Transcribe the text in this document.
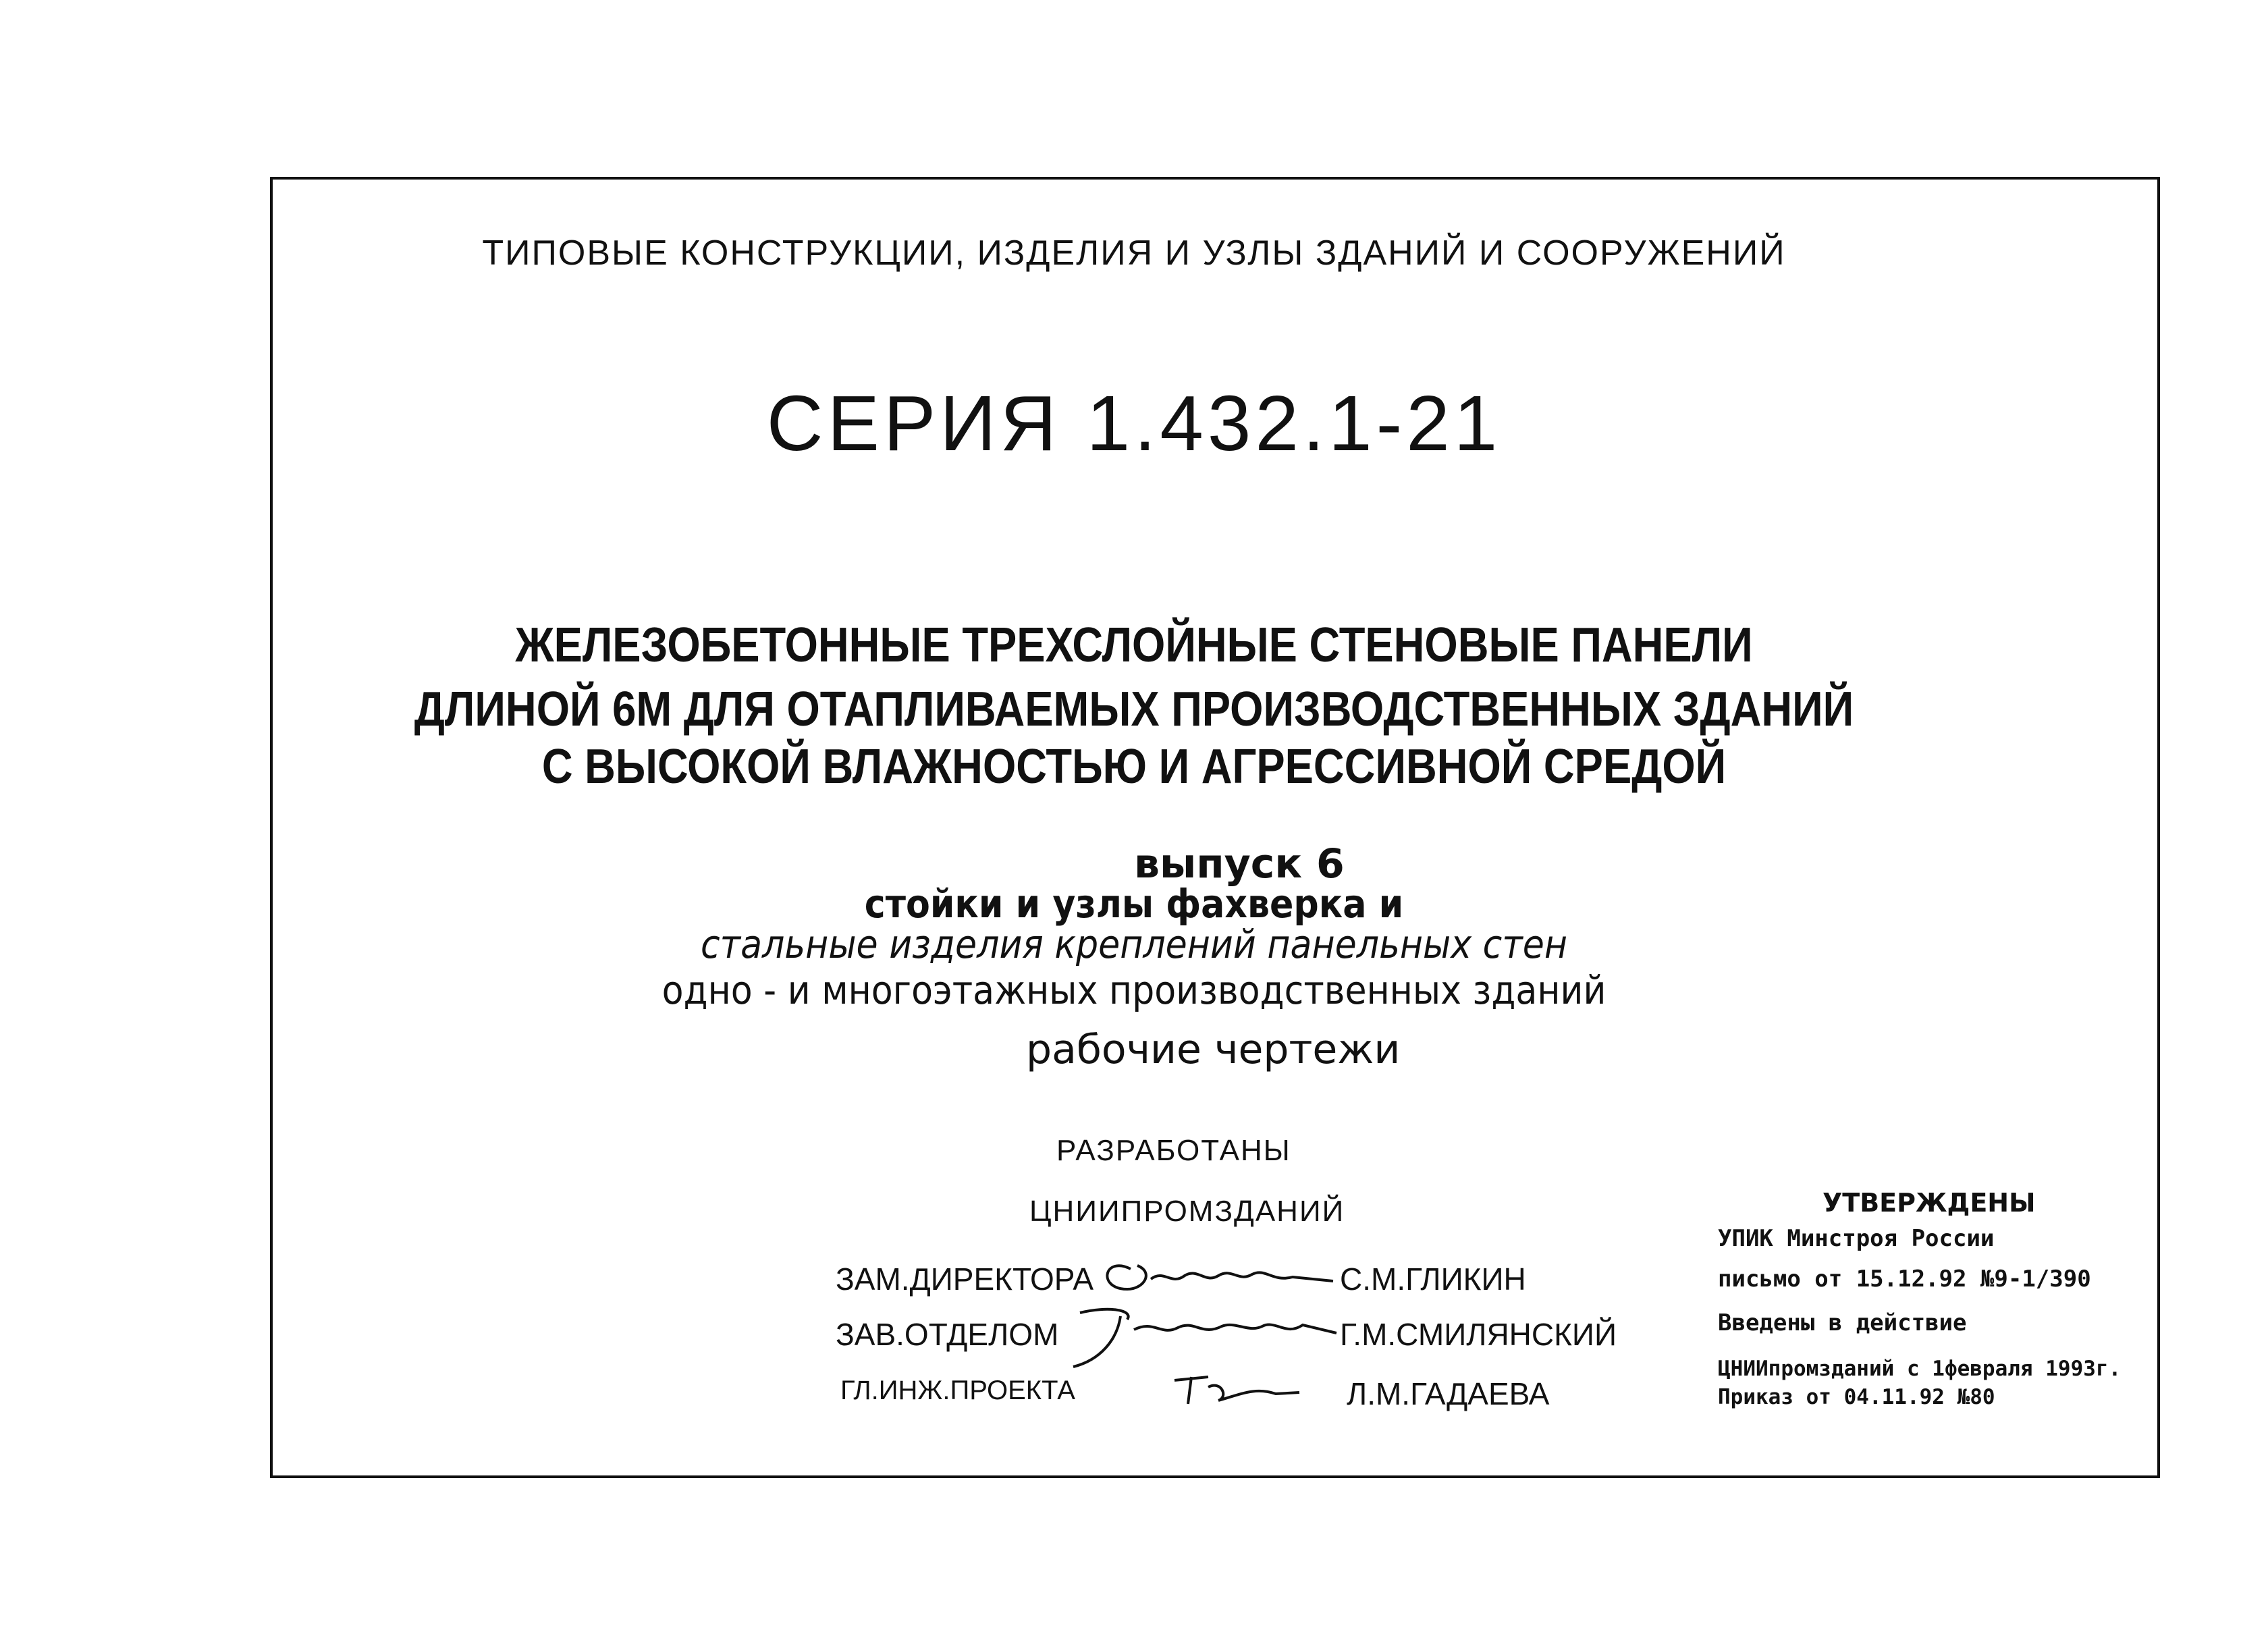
ТИПОВЫЕ КОНСТРУКЦИИ, ИЗДЕЛИЯ И УЗЛЫ ЗДАНИЙ И СООРУЖЕНИЙ
СЕРИЯ 1.432.1-21
ЖЕЛЕЗОБЕТОННЫЕ ТРЕХСЛОЙНЫЕ СТЕНОВЫЕ ПАНЕЛИ
ДЛИНОЙ 6М ДЛЯ ОТАПЛИВАЕМЫХ ПРОИЗВОДСТВЕННЫХ ЗДАНИЙ
С ВЫСОКОЙ ВЛАЖНОСТЬЮ И АГРЕССИВНОЙ СРЕДОЙ
выпуск 6
стойки и узлы фахверка и
стальные изделия креплений панельных стен
одно - и многоэтажных производственных зданий
рабочие чертежи
РАЗРАБОТАНЫ
ЦНИИПРОМЗДАНИЙ
ЗАМ.ДИРЕКТОРА	С.М.ГЛИКИН
ЗАВ.ОТДЕЛОМ	Г.М.СМИЛЯНСКИЙ
ГЛ.ИНЖ.ПРОЕКТА	Л.М.ГАДАЕВА
УТВЕРЖДЕНЫ
УПИК Минстроя России
письмо от 15.12.92 №9-1/390
Введены в действие
ЦНИИпромзданий с 1февраля 1993г.
Приказ от 04.11.92 №80
